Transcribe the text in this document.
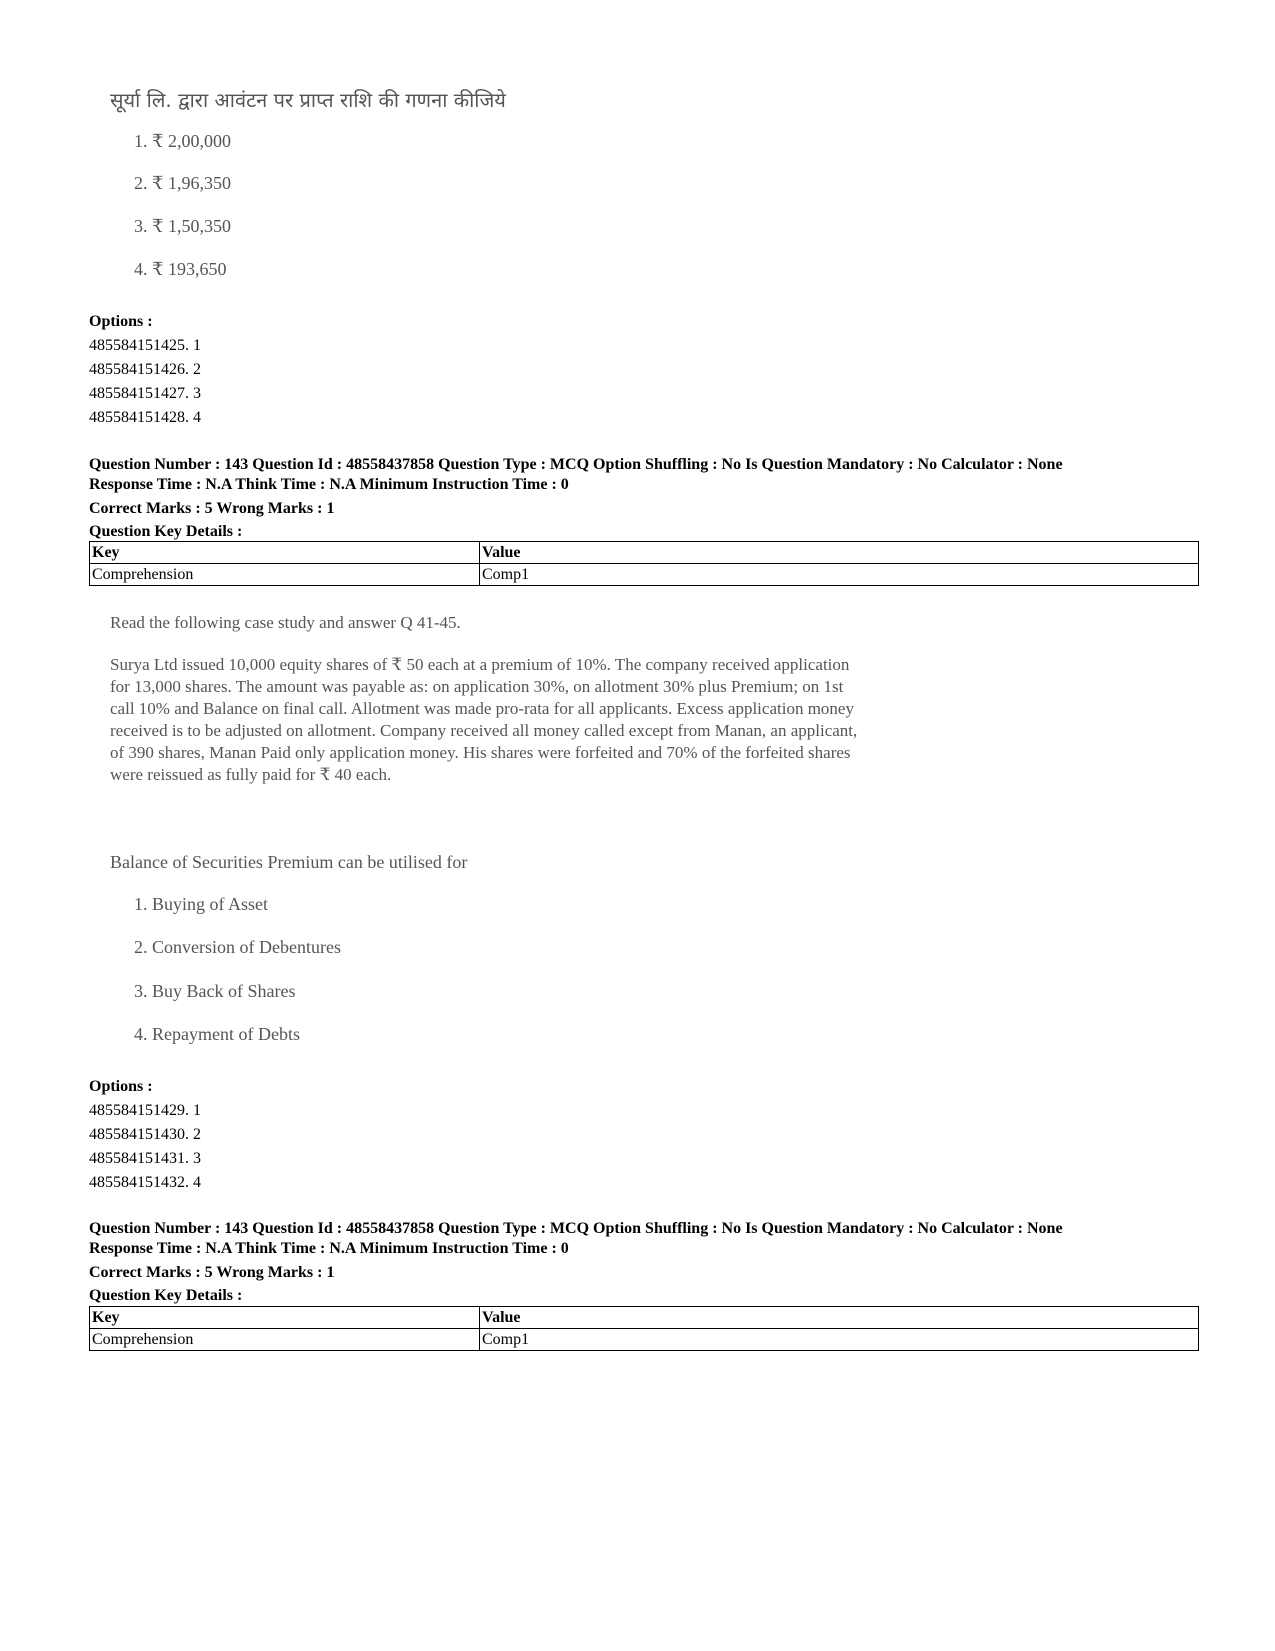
सूर्या लि. द्वारा आवंटन पर प्राप्त राशि की गणना कीजिये
1. ₹ 2,00,000
2. ₹ 1,96,350
3. ₹ 1,50,350
4. ₹ 193,650
Options :
485584151425. 1
485584151426. 2
485584151427. 3
485584151428. 4
Question Number : 143 Question Id : 48558437858 Question Type : MCQ Option Shuffling : No Is Question Mandatory : No Calculator : None
Response Time : N.A Think Time : N.A Minimum Instruction Time : 0
Correct Marks : 5 Wrong Marks : 1
Question Key Details :
Key	Value
Comprehension	Comp1
Read the following case study and answer Q 41-45.
Surya Ltd issued 10,000 equity shares of ₹ 50 each at a premium of 10%. The company received application
for 13,000 shares. The amount was payable as: on application 30%, on allotment 30% plus Premium; on 1st
call 10% and Balance on final call. Allotment was made pro-rata for all applicants. Excess application money
received is to be adjusted on allotment. Company received all money called except from Manan, an applicant,
of 390 shares, Manan Paid only application money. His shares were forfeited and 70% of the forfeited shares
were reissued as fully paid for ₹ 40 each.
Balance of Securities Premium can be utilised for
1. Buying of Asset
2. Conversion of Debentures
3. Buy Back of Shares
4. Repayment of Debts
Options :
485584151429. 1
485584151430. 2
485584151431. 3
485584151432. 4
Question Number : 143 Question Id : 48558437858 Question Type : MCQ Option Shuffling : No Is Question Mandatory : No Calculator : None
Response Time : N.A Think Time : N.A Minimum Instruction Time : 0
Correct Marks : 5 Wrong Marks : 1
Question Key Details :
Key	Value
Comprehension	Comp1
